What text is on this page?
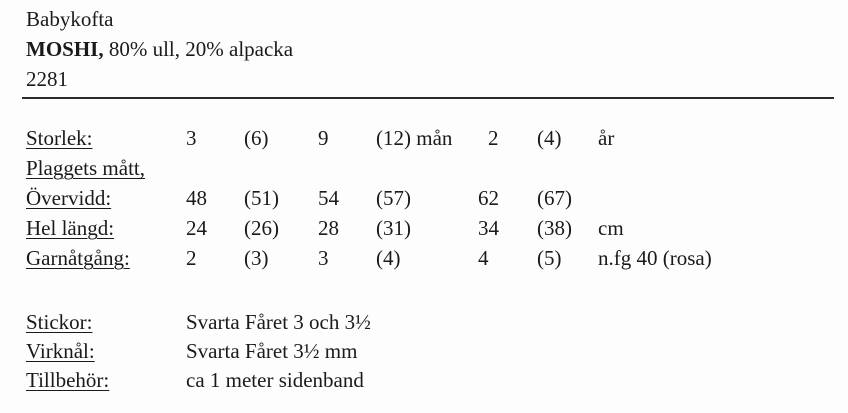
Babykofta
MOSHI, 80% ull, 20% alpacka
2281
Storlek:	3 (6) 9 (12) mån 2 (4) år
Plaggets mått,
Övervidd:	48 (51) 54 (57)	62 (67)
Hel längd:	24 (26) 28 (31)	34 (38) cm
Garnåtgång:	2 (3) 3 (4)	4 (5) n.fg 40 (rosa)
Stickor:	Svarta Fåret 3 och 3½
Virknål:	Svarta Fåret 3½ mm
Tillbehör:	ca 1 meter sidenband
